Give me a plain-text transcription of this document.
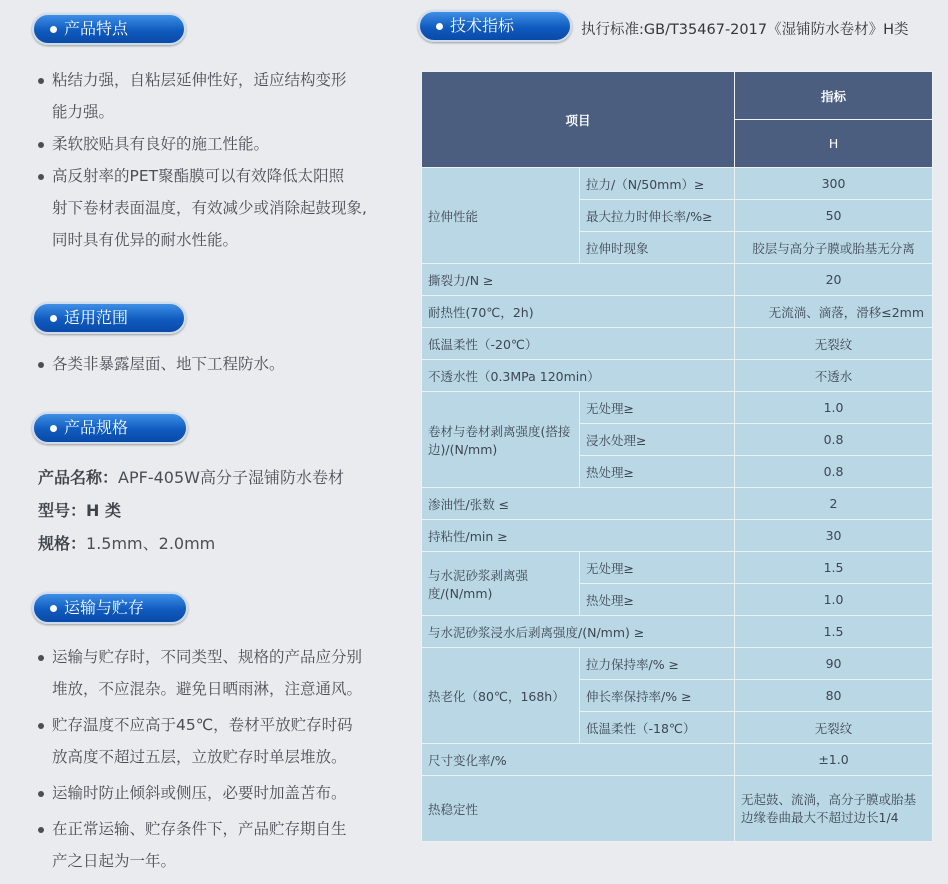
产品特点
粘结力强，自粘层延伸性好，适应结构变形
能力强。
柔软胶贴具有良好的施工性能。
高反射率的PET聚酯膜可以有效降低太阳照
射下卷材表面温度，有效减少或消除起鼓现象,
同时具有优异的耐水性能。
适用范围
各类非暴露屋面、地下工程防水。
产品规格
产品名称：APF-405W高分子湿铺防水卷材
型号：H 类
规格：1.5mm、2.0mm
运输与贮存
运输与贮存时，不同类型、规格的产品应分别
堆放，不应混杂。避免日晒雨淋，注意通风。
贮存温度不应高于45℃，卷材平放贮存时码
放高度不超过五层，立放贮存时单层堆放。
运输时防止倾斜或侧压，必要时加盖苫布。
在正常运输、贮存条件下，产品贮存期自生
产之日起为一年。
技术指标	执行标准:GB/T35467-2017《湿铺防水卷材》H类
项目		指标
		H
拉伸性能	拉力/（N/50mm）≥	300
	最大拉力时伸长率/%≥	50
	拉伸时现象	胶层与高分子膜或胎基无分离
撕裂力/N ≥		20
耐热性(70℃，2h)		无流淌、滴落，滑移≤2mm
低温柔性（-20℃）		无裂纹
不透水性（0.3MPa 120min）		不透水
卷材与卷材剥离强度(搭接边)/(N/mm)	无处理≥	1.0
	浸水处理≥	0.8
	热处理≥	0.8
渗油性/张数 ≤		2
持粘性/min ≥		30
与水泥砂浆剥离强度/(N/mm)	无处理≥	1.5
	热处理≥	1.0
与水泥砂浆浸水后剥离强度/(N/mm) ≥		1.5
热老化（80℃，168h）	拉力保持率/% ≥	90
	伸长率保持率/% ≥	80
	低温柔性（-18℃）	无裂纹
尺寸变化率/%		±1.0
热稳定性		无起鼓、流淌，高分子膜或胎基边缘卷曲最大不超过边长1/4
